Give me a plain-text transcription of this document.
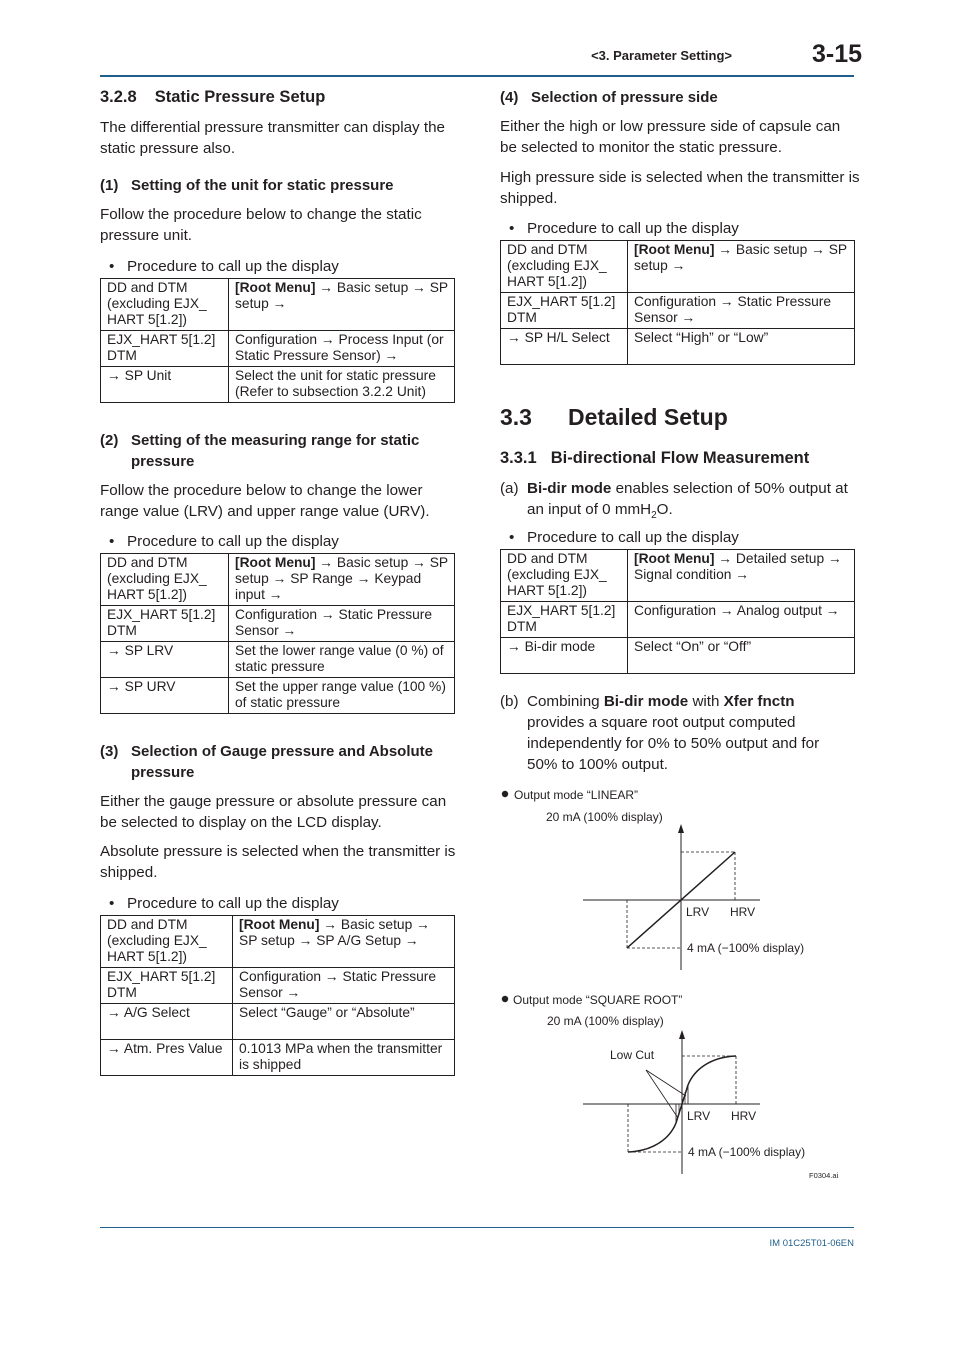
<3. Parameter Setting>	3-15
3.2.8 Static Pressure Setup
The differential pressure transmitter can display the static pressure also.
(1) Setting of the unit for static pressure
Follow the procedure below to change the static pressure unit.
• Procedure to call up the display
DD and DTM (excluding EJX_ HART 5[1.2])	[Root Menu] → Basic setup → SP setup →
EJX_HART 5[1.2] DTM	Configuration → Process Input (or Static Pressure Sensor) →
→ SP Unit	Select the unit for static pressure (Refer to subsection 3.2.2 Unit)
(2) Setting of the measuring range for static
pressure
Follow the procedure below to change the lower range value (LRV) and upper range value (URV).
• Procedure to call up the display
DD and DTM (excluding EJX_ HART 5[1.2])	[Root Menu] → Basic setup → SP setup → SP Range → Keypad input →
EJX_HART 5[1.2] DTM	Configuration → Static Pressure Sensor →
→ SP LRV	Set the lower range value (0 %) of static pressure
→ SP URV	Set the upper range value (100 %) of static pressure
(3) Selection of Gauge pressure and Absolute
pressure
Either the gauge pressure or absolute pressure can be selected to display on the LCD display.
Absolute pressure is selected when the transmitter is shipped.
• Procedure to call up the display
DD and DTM (excluding EJX_ HART 5[1.2])	[Root Menu] → Basic setup → SP setup → SP A/G Setup →
EJX_HART 5[1.2] DTM	Configuration → Static Pressure Sensor →
→ A/G Select	Select “Gauge” or “Absolute”
→ Atm. Pres Value	0.1013 MPa when the transmitter is shipped
(4) Selection of pressure side
Either the high or low pressure side of capsule can be selected to monitor the static pressure.
High pressure side is selected when the transmitter is shipped.
• Procedure to call up the display
DD and DTM (excluding EJX_ HART 5[1.2])	[Root Menu] → Basic setup → SP setup →
EJX_HART 5[1.2] DTM	Configuration → Static Pressure Sensor →
→ SP H/L Select	Select “High” or “Low”
3.3 Detailed Setup
3.3.1 Bi-directional Flow Measurement
(a) Bi-dir mode enables selection of 50% output at
an input of 0 mmH$_2$O.
• Procedure to call up the display
DD and DTM (excluding EJX_ HART 5[1.2])	[Root Menu] → Detailed setup → Signal condition →
EJX_HART 5[1.2] DTM	Configuration → Analog output →
→ Bi-dir mode	Select “On” or “Off”
(b) Combining Bi-dir mode with Xfer fnctn
provides a square root output computed
independently for 0% to 50% output and for
50% to 100% output.
Output mode “LINEAR”
20 mA (100% display)
LRV HRV
4 mA (−100% display)
Output mode “SQUARE ROOT”
20 mA (100% display)
Low Cut
LRV HRV
4 mA (−100% display)
F0304.ai
IM 01C25T01-06EN
